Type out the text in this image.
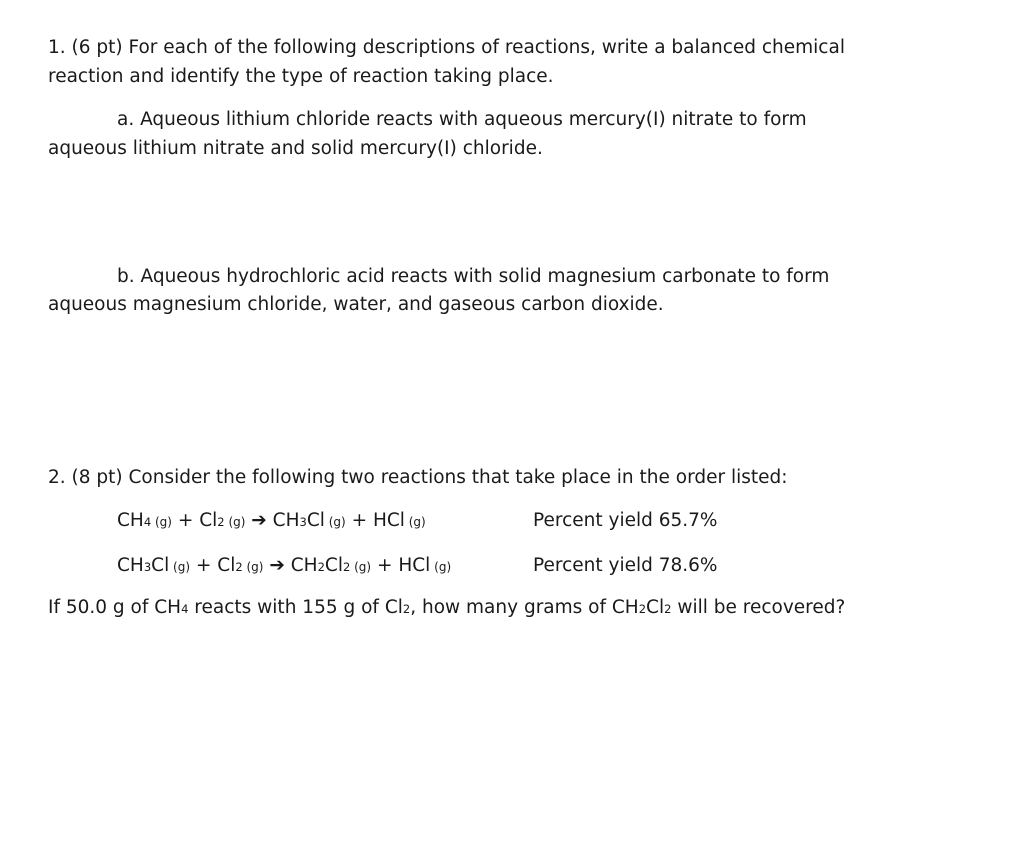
1. (6 pt) For each of the following descriptions of reactions, write a balanced chemical
reaction and identify the type of reaction taking place.
a. Aqueous lithium chloride reacts with aqueous mercury(I) nitrate to form
aqueous lithium nitrate and solid mercury(I) chloride.
b. Aqueous hydrochloric acid reacts with solid magnesium carbonate to form
aqueous magnesium chloride, water, and gaseous carbon dioxide.
2. (8 pt) Consider the following two reactions that take place in the order listed:
CH4 (g) + Cl2 (g) ➔ CH3Cl (g) + HCl (g)	Percent yield 65.7%
CH3Cl (g) + Cl2 (g) ➔ CH2Cl2 (g) + HCl (g)	Percent yield 78.6%
If 50.0 g of CH4 reacts with 155 g of Cl2, how many grams of CH2Cl2 will be recovered?
